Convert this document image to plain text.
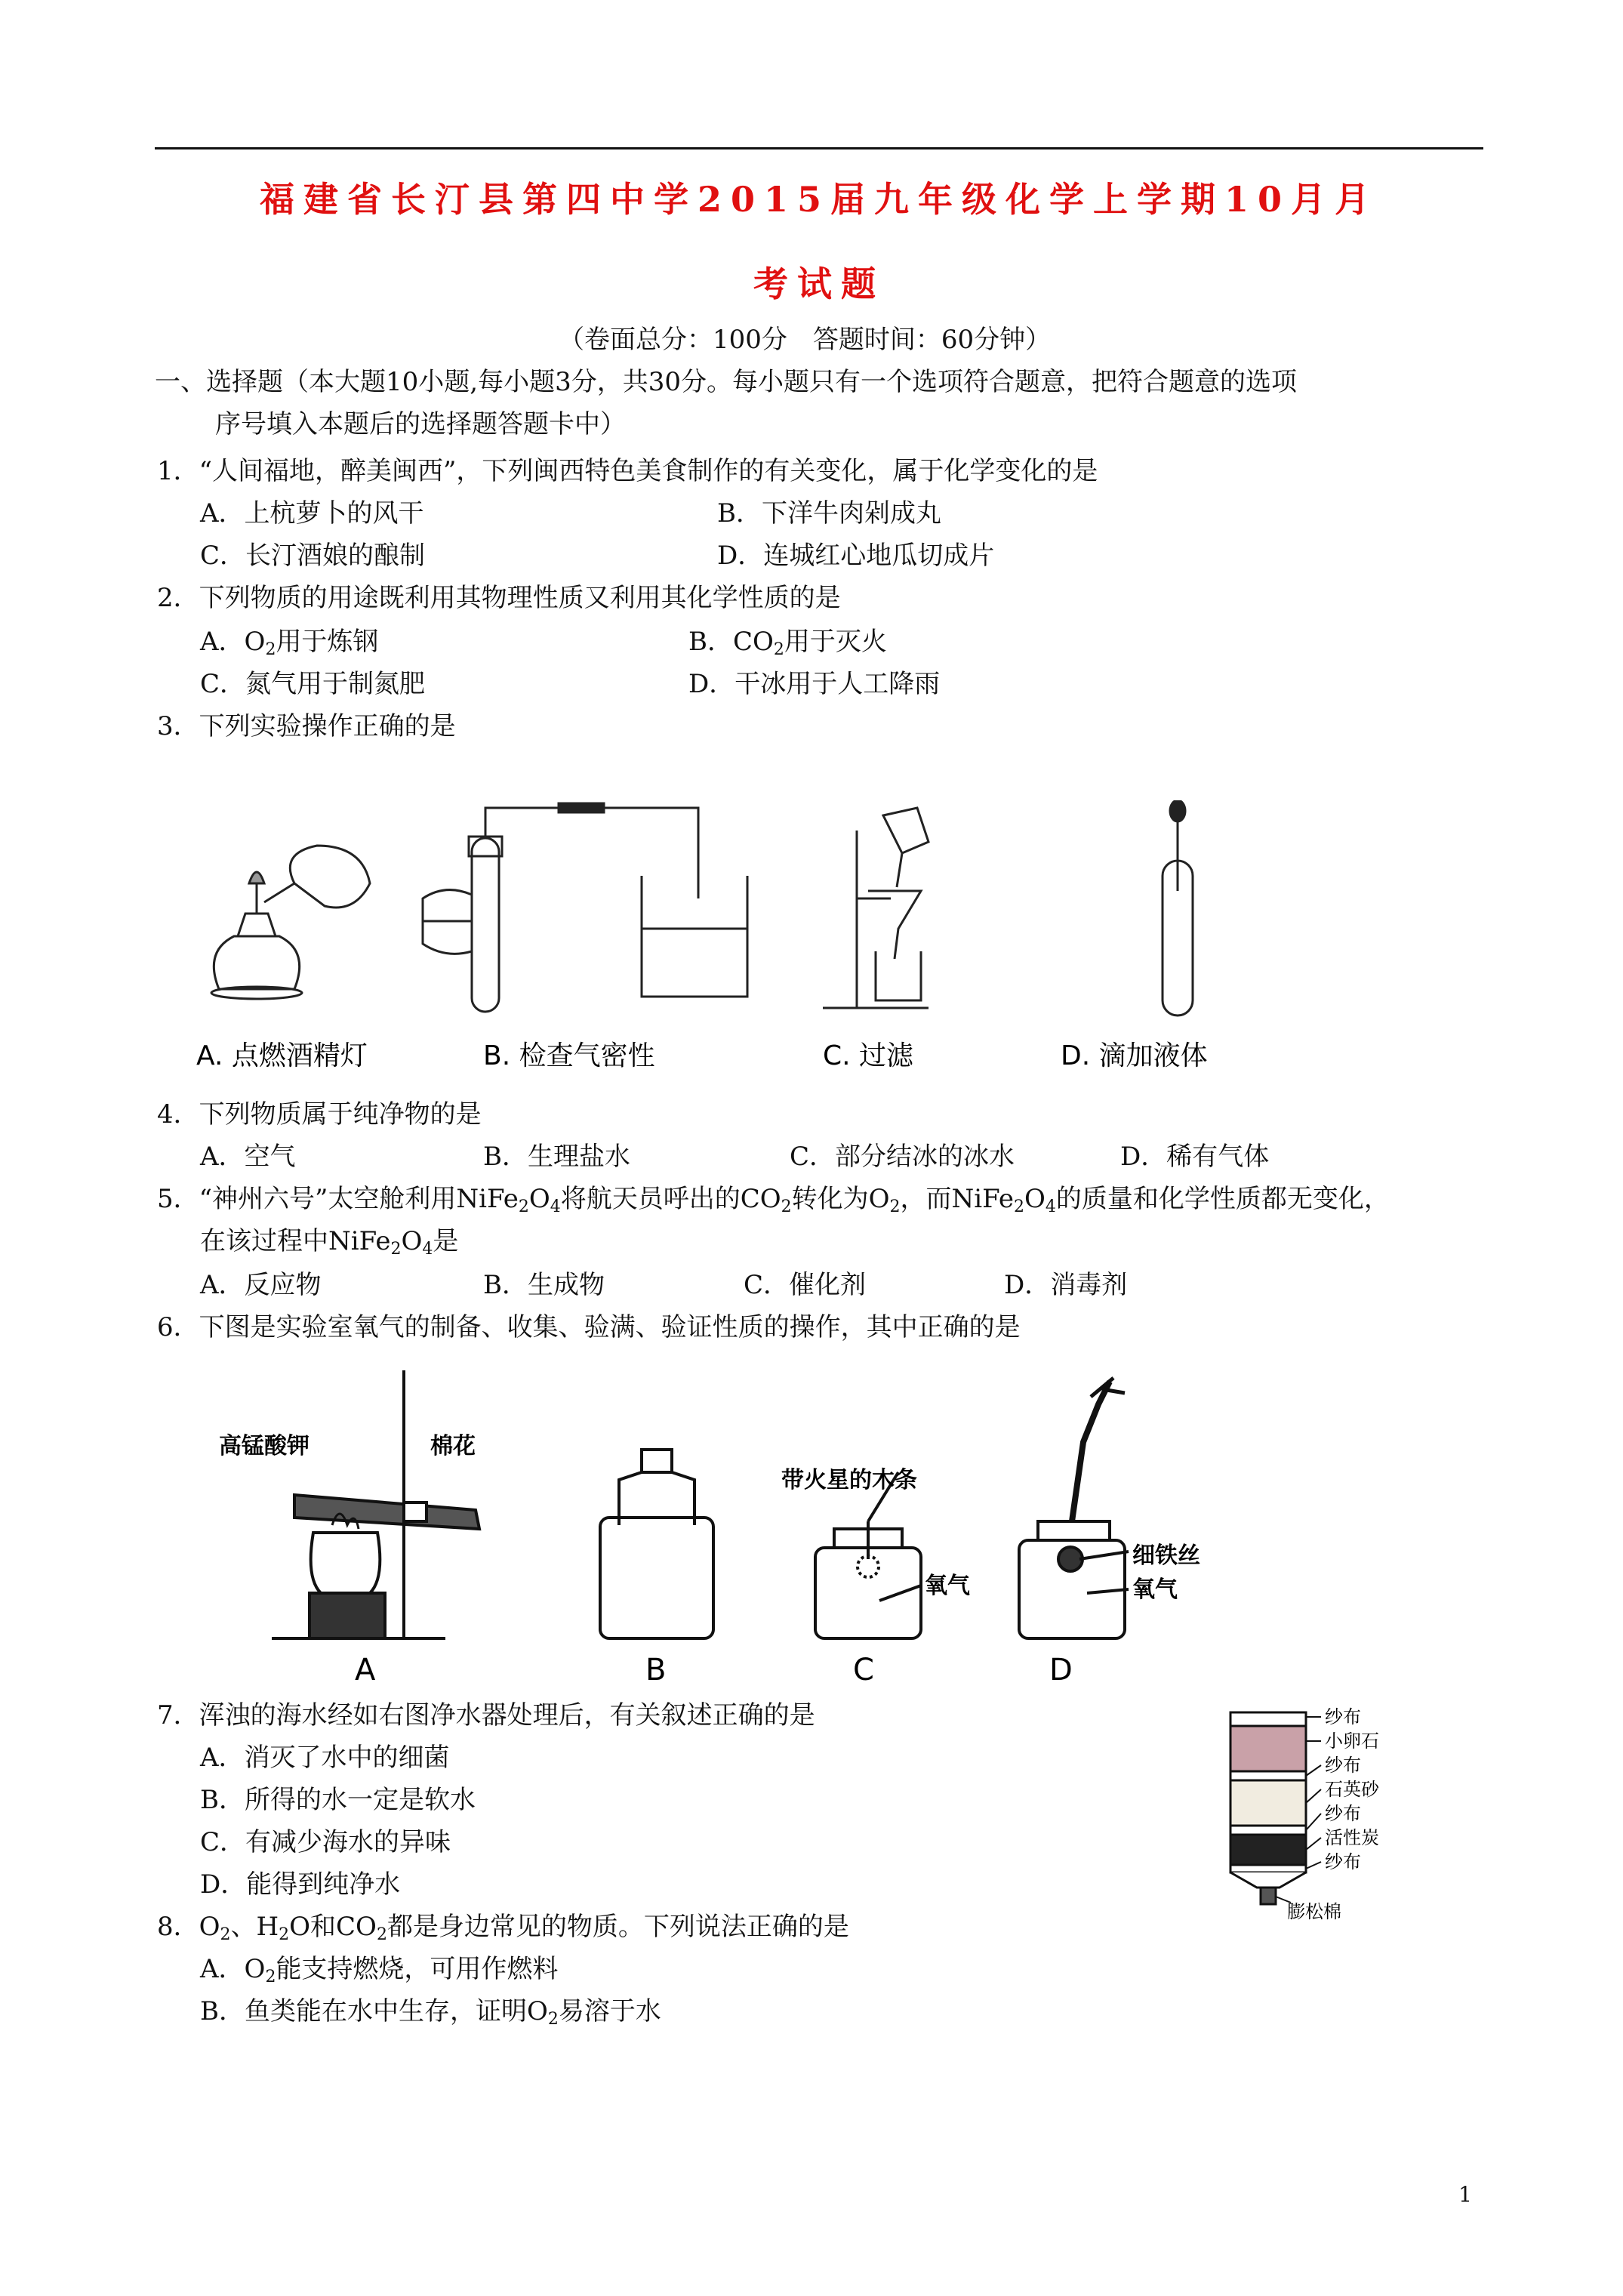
福建省长汀县第四中学2015届九年级化学上学期10月月
考试题
（卷面总分：100分　答题时间：60分钟）
一、选择题（本大题10小题,每小题3分，共30分。每小题只有一个选项符合题意，把符合题意的选项
序号填入本题后的选择题答题卡中）
1．“人间福地，醉美闽西”，下列闽西特色美食制作的有关变化，属于化学变化的是
A．上杭萝卜的风干	B．下洋牛肉剁成丸
C．长汀酒娘的酿制	D．连城红心地瓜切成片
2．下列物质的用途既利用其物理性质又利用其化学性质的是
A．$O_2$用于炼钢	B．$CO_2$用于灭火
C．氮气用于制氮肥	D．干冰用于人工降雨
3．下列实验操作正确的是
A. 点燃酒精灯	B. 检查气密性	C. 过滤	D. 滴加液体
4．下列物质属于纯净物的是
A．空气	B．生理盐水	C．部分结冰的冰水	D．稀有气体
5．“神州六号”太空舱利用$NiFe_2O_4$将航天员呼出的$CO_2$转化为$O_2$，而$NiFe_2O_4$的质量和化学性质都无变化，
在该过程中$NiFe_2O_4$是
A．反应物	B．生成物	C．催化剂	D．消毒剂
6．下图是实验室氧气的制备、收集、验满、验证性质的操作，其中正确的是
高锰酸钾	棉花
带火星的木条
氧气
细铁丝
氧气
A	B	C	D
7．浑浊的海水经如右图净水器处理后，有关叙述正确的是
A．消灭了水中的细菌
B．所得的水一定是软水
C．有减少海水的异味
D．能得到纯净水
纱布
小卵石
纱布
石英砂
纱布
活性炭
纱布
膨松棉
8．$O_2$、$H_2O$和$CO_2$都是身边常见的物质。下列说法正确的是
A．$O_2$能支持燃烧，可用作燃料
B．鱼类能在水中生存，证明$O_2$易溶于水
1
